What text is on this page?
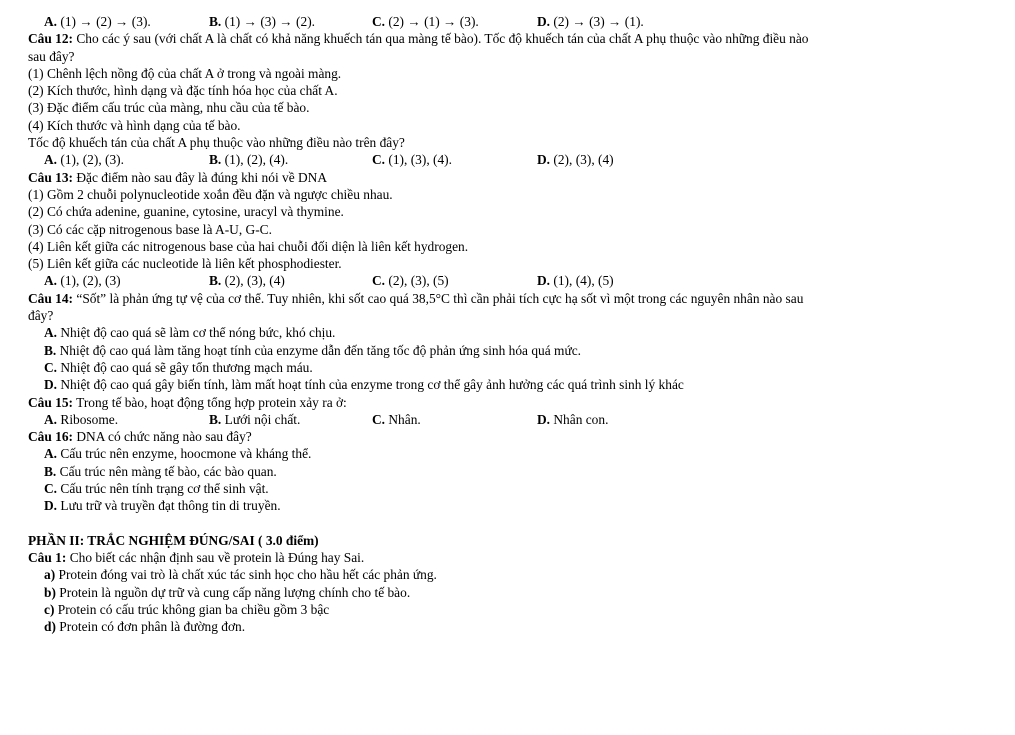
A. (1) → (2) → (3).	B. (1) → (3) → (2).	C. (2) → (1) → (3).	D. (2) → (3) → (1).
Câu 12: Cho các ý sau (với chất A là chất có khả năng khuếch tán qua màng tế bào). Tốc độ khuếch tán của chất A phụ thuộc vào những điều nào
sau đây?
(1) Chênh lệch nồng độ của chất A ở trong và ngoài màng.
(2) Kích thước, hình dạng và đặc tính hóa học của chất A.
(3) Đặc điểm cấu trúc của màng, nhu cầu của tế bào.
(4) Kích thước và hình dạng của tế bào.
Tốc độ khuếch tán của chất A phụ thuộc vào những điều nào trên đây?
A. (1), (2), (3).	B. (1), (2), (4).	C. (1), (3), (4).	D. (2), (3), (4)
Câu 13: Đặc điểm nào sau đây là đúng khi nói về DNA
(1) Gồm 2 chuỗi polynucleotide xoắn đều đặn và ngược chiều nhau.
(2) Có chứa adenine, guanine, cytosine, uracyl và thymine.
(3) Có các cặp nitrogenous base là A-U, G-C.
(4) Liên kết giữa các nitrogenous base của hai chuỗi đối diện là liên kết hydrogen.
(5) Liên kết giữa các nucleotide là liên kết phosphodiester.
A. (1), (2), (3)	B. (2), (3), (4)	C. (2), (3), (5)	D. (1), (4), (5)
Câu 14: “Sốt” là phản ứng tự vệ của cơ thể. Tuy nhiên, khi sốt cao quá 38,5°C thì cần phải tích cực hạ sốt vì một trong các nguyên nhân nào sau
đây?
A. Nhiệt độ cao quá sẽ làm cơ thể nóng bức, khó chịu.
B. Nhiệt độ cao quá làm tăng hoạt tính của enzyme dẫn đến tăng tốc độ phản ứng sinh hóa quá mức.
C. Nhiệt độ cao quá sẽ gây tổn thương mạch máu.
D. Nhiệt độ cao quá gây biến tính, làm mất hoạt tính của enzyme trong cơ thể gây ảnh hưởng các quá trình sinh lý khác
Câu 15: Trong tế bào, hoạt động tổng hợp protein xảy ra ở:
A. Ribosome.	B. Lưới nội chất.	C. Nhân.	D. Nhân con.
Câu 16: DNA có chức năng nào sau đây?
A. Cấu trúc nên enzyme, hoocmone và kháng thể.
B. Cấu trúc nên màng tế bào, các bào quan.
C. Cấu trúc nên tính trạng cơ thể sinh vật.
D. Lưu trữ và truyền đạt thông tin di truyền.
PHẦN II: TRẮC NGHIỆM ĐÚNG/SAI ( 3.0 điểm)
Câu 1: Cho biết các nhận định sau về protein là Đúng hay Sai.
a) Protein đóng vai trò là chất xúc tác sinh học cho hầu hết các phản ứng.
b) Protein là nguồn dự trữ và cung cấp năng lượng chính cho tế bào.
c) Protein có cấu trúc không gian ba chiều gồm 3 bậc
d) Protein có đơn phân là đường đơn.
